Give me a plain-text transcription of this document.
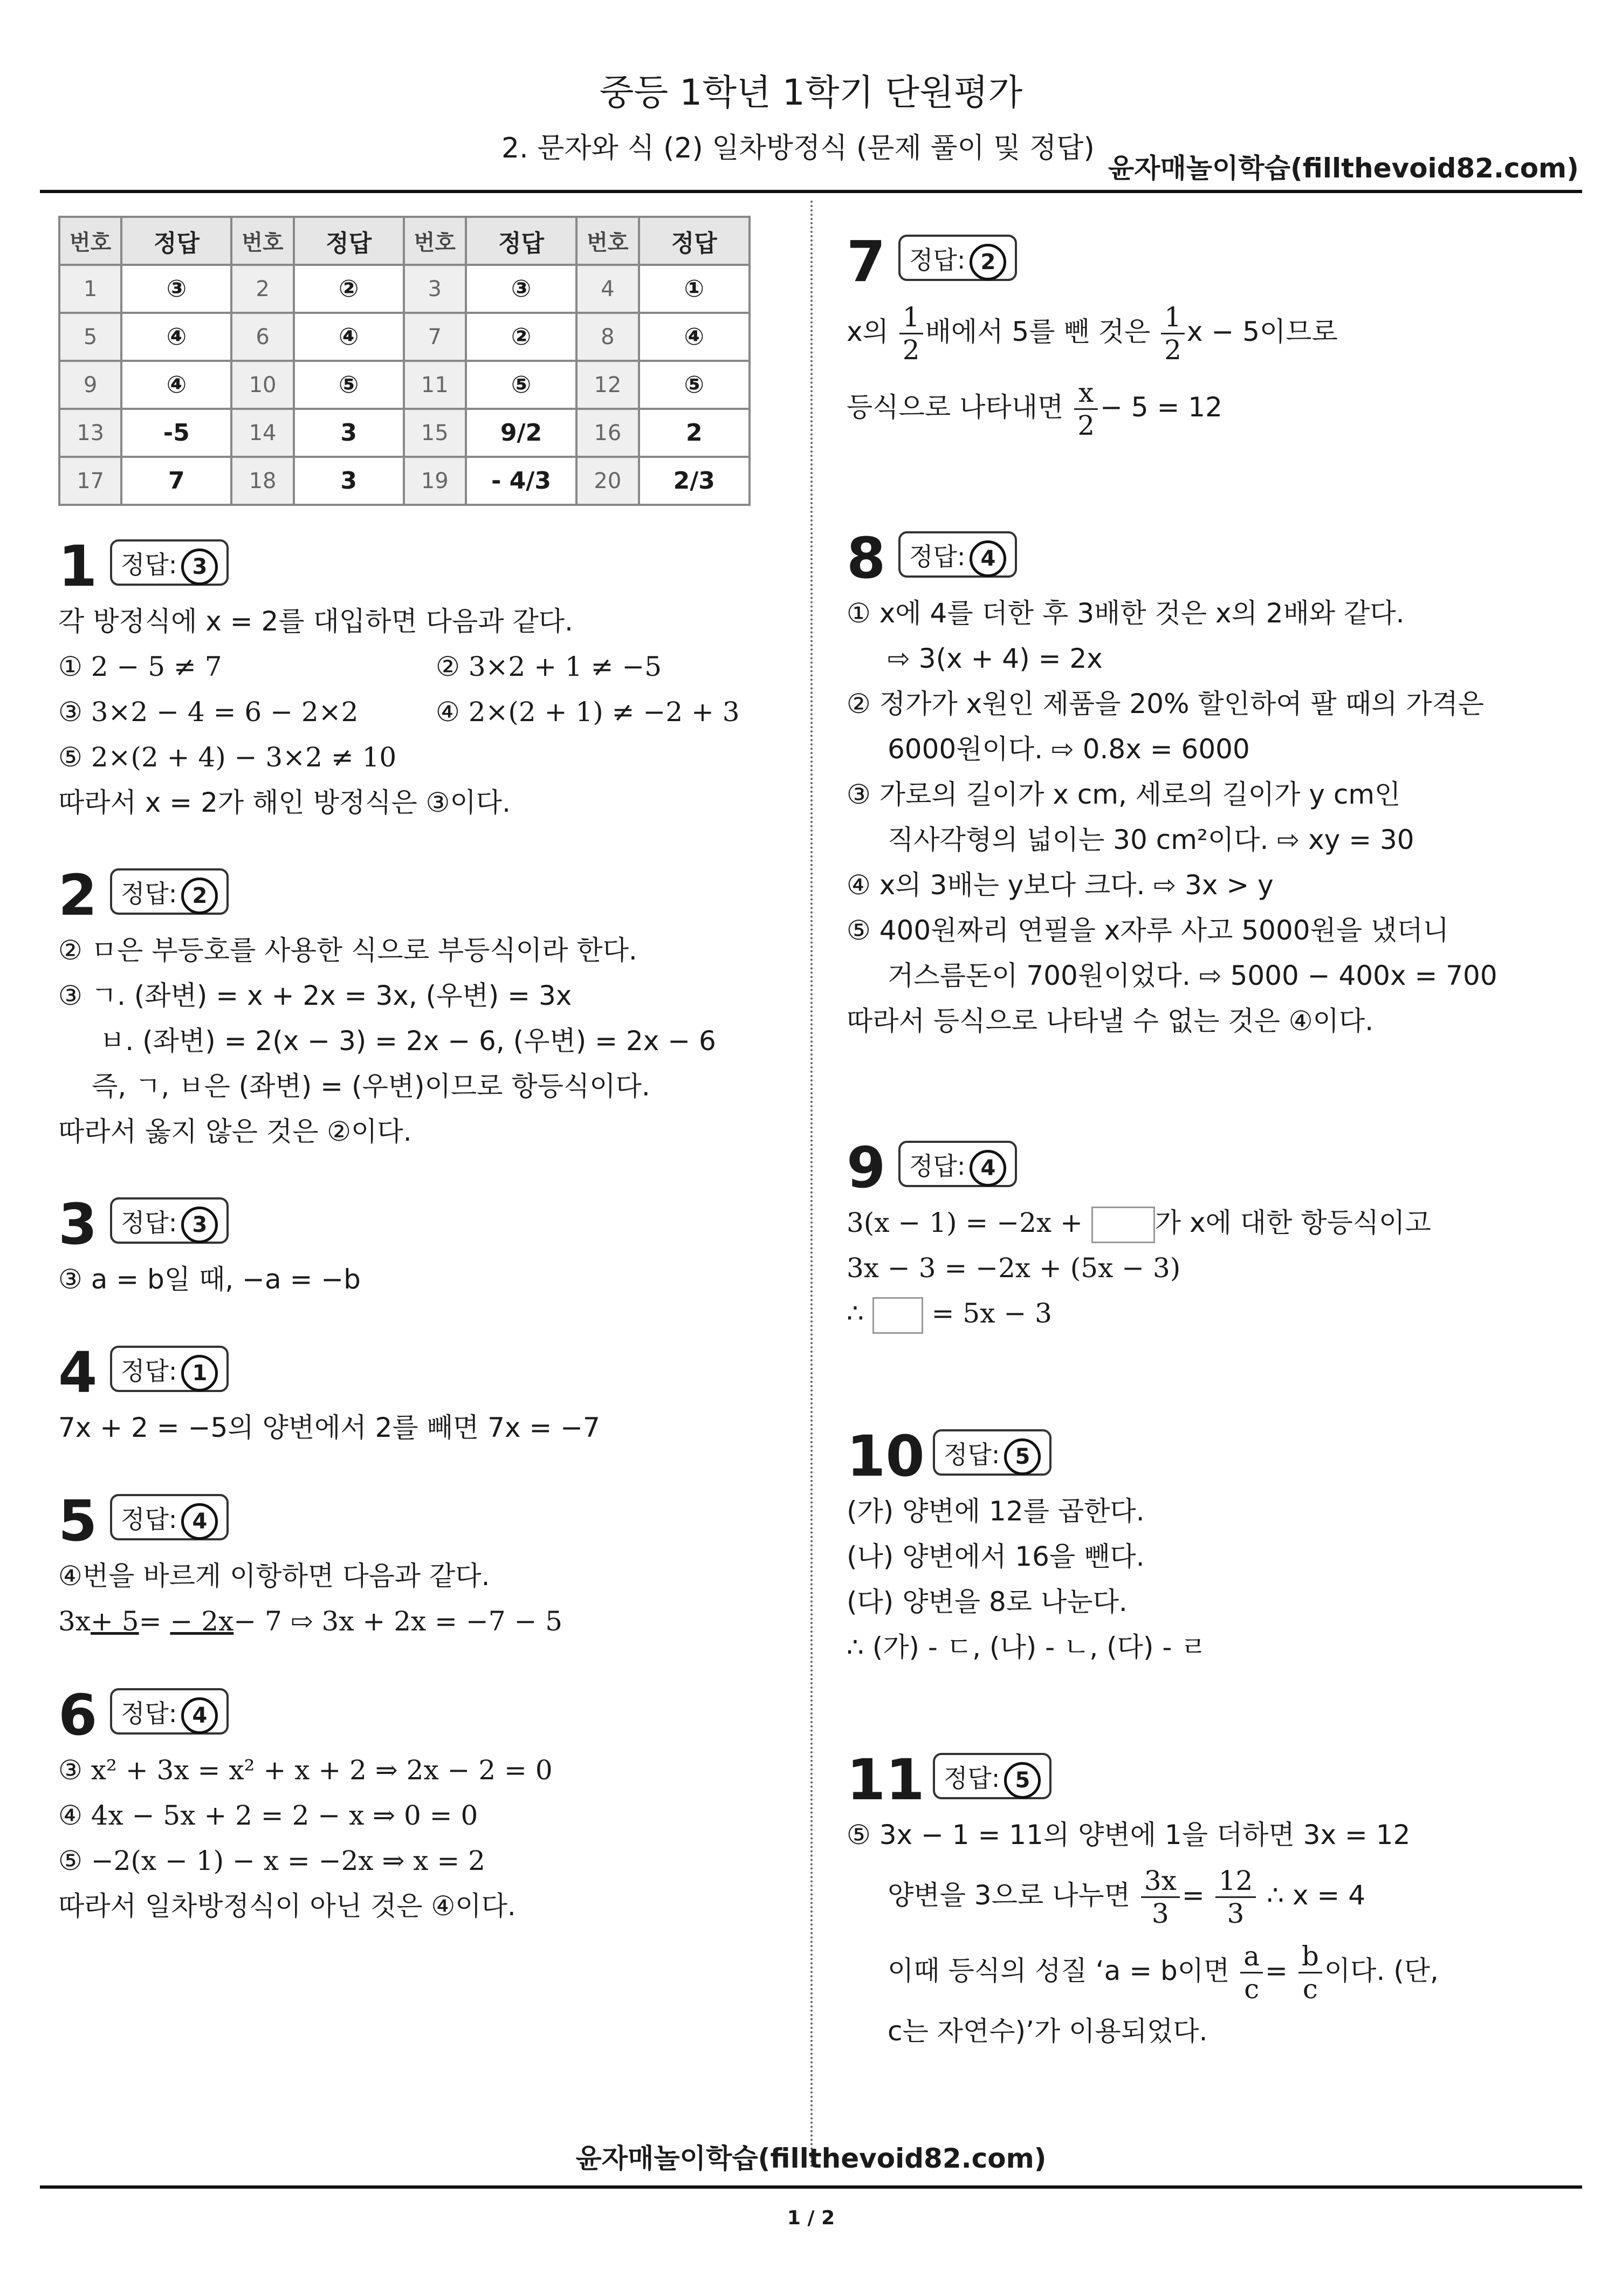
중등 1학년 1학기 단원평가
2. 문자와 식 (2) 일차방정식 (문제 풀이 및 정답)
윤자매놀이학습(fillthevoid82.com)
번호	정답	번호	정답	번호	정답	번호	정답
1	③	2	②	3	③	4	①
5	④	6	④	7	②	8	④
9	④	10	⑤	11	⑤	12	⑤
13	-5	14	3	15	9/2	16	2
17	7	18	3	19	- 4/3	20	2/3
1 정답: 3
각 방정식에 x = 2를 대입하면 다음과 같다.
① 2 − 5 ≠ 7	② 3×2 + 1 ≠ −5
③ 3×2 − 4 = 6 − 2×2	④ 2×(2 + 1) ≠ −2 + 3
⑤ 2×(2 + 4) − 3×2 ≠ 10
따라서 x = 2가 해인 방정식은 ③이다.
2 정답: 2
② ㅁ은 부등호를 사용한 식으로 부등식이라 한다.
③ ㄱ. (좌변) = x + 2x = 3x, (우변) = 3x
ㅂ. (좌변) = 2(x − 3) = 2x − 6, (우변) = 2x − 6
즉, ㄱ, ㅂ은 (좌변) = (우변)이므로 항등식이다.
따라서 옳지 않은 것은 ②이다.
3 정답: 3
③ a = b일 때, −a = −b
4 정답: 1
7x + 2 = −5의 양변에서 2를 빼면 7x = −7
5 정답: 4
④번을 바르게 이항하면 다음과 같다.
3x+ 5= − 2x− 7 ⇨ 3x + 2x = −7 − 5
6 정답: 4
③ x² + 3x = x² + x + 2 ⇒ 2x − 2 = 0
④ 4x − 5x + 2 = 2 − x ⇒ 0 = 0
⑤ −2(x − 1) − x = −2x ⇒ x = 2
따라서 일차방정식이 아닌 것은 ④이다.
7 정답: 2
x의 $\frac{1}{2}$ 배에서 5를 뺀 것은 $\frac{1}{2}$ x − 5이므로
등식으로 나타내면 $\frac{x}{2} - 5 = 12$
8 정답: 4
① x에 4를 더한 후 3배한 것은 x의 2배와 같다.
⇨ 3(x + 4) = 2x
② 정가가 x원인 제품을 20% 할인하여 팔 때의 가격은
6000원이다. ⇨ 0.8x = 6000
③ 가로의 길이가 x cm, 세로의 길이가 y cm인
직사각형의 넓이는 30 cm²이다. ⇨ xy = 30
④ x의 3배는 y보다 크다. ⇨ 3x > y
⑤ 400원짜리 연필을 x자루 사고 5000원을 냈더니
거스름돈이 700원이었다. ⇨ 5000 − 400x = 700
따라서 등식으로 나타낼 수 없는 것은 ④이다.
9 정답: 4
3(x − 1) = −2x + 가 x에 대한 항등식이고
3x − 3 = −2x + (5x − 3)
∴  = 5x − 3
10 정답: 5
(가) 양변에 12를 곱한다.
(나) 양변에서 16을 뺀다.
(다) 양변을 8로 나눈다.
∴ (가) - ㄷ, (나) - ㄴ, (다) - ㄹ
11 정답: 5
⑤ 3x − 1 = 11의 양변에 1을 더하면 3x = 12
양변을 3으로 나누면 $\frac{3x}{3} = \frac{12}{3}$ ∴ x = 4
이때 등식의 성질 ‘a = b이면 $\frac{a}{c} = \frac{b}{c}$ 이다. (단,
c는 자연수)’가 이용되었다.
윤자매놀이학습(fillthevoid82.com)
1 / 2
